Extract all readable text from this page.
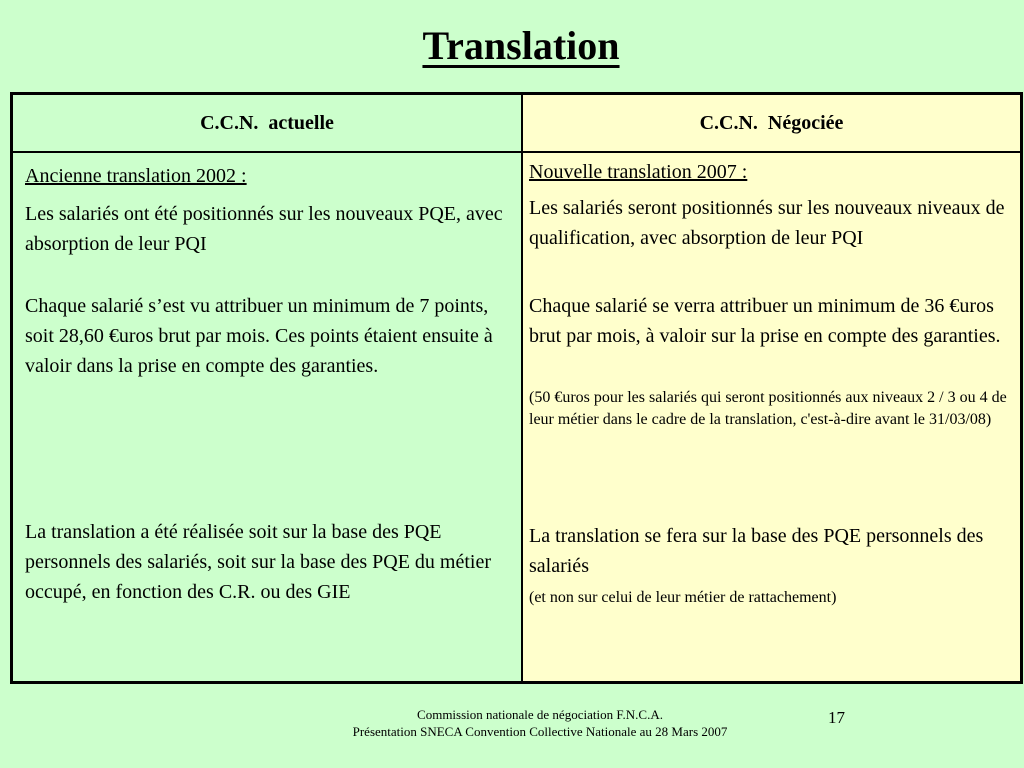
Translation
C.C.N.  actuelle

Ancienne translation 2002 :

Les salariés ont été positionnés sur les nouveaux PQE, avec absorption de leur PQI

Chaque salarié s’est vu attribuer un minimum de 7 points, soit 28,60 €uros brut par mois. Ces points étaient ensuite à valoir dans la prise en compte des garanties.

La translation a été réalisée soit sur la base des PQE personnels des salariés, soit sur la base des PQE du métier occupé, en fonction des C.R. ou des GIE

C.C.N.  Négociée

Nouvelle translation 2007 :

Les salariés seront positionnés sur les nouveaux niveaux de qualification, avec absorption de leur PQI

Chaque salarié se verra attribuer un minimum de 36 €uros brut par mois, à valoir sur la prise en compte des garanties.

(50 €uros pour les salariés qui seront positionnés aux niveaux 2 / 3 ou 4 de leur métier dans le cadre de la translation, c'est-à-dire avant le 31/03/08)

La translation se fera sur la base des PQE personnels des salariés

(et non sur celui de leur métier de rattachement)

Commission nationale de négociation F.N.C.A.
Présentation SNECA Convention Collective Nationale au 28 Mars 2007
17
